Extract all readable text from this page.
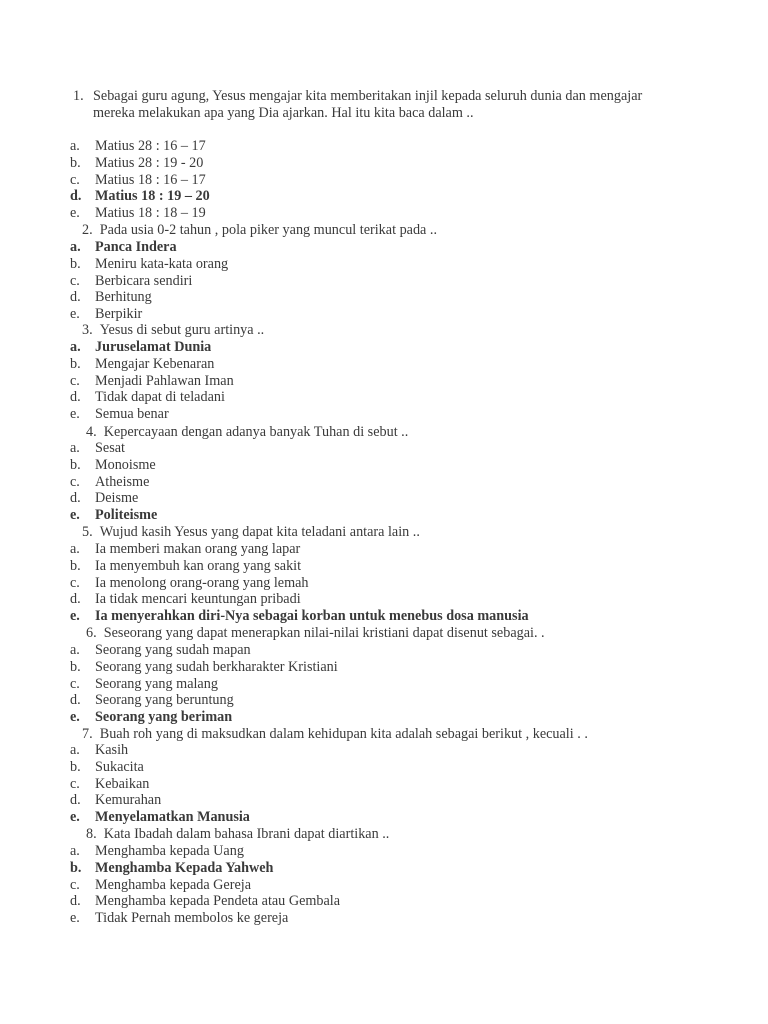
1. Sebagai guru agung, Yesus mengajar kita memberitakan injil kepada seluruh dunia dan mengajar mereka melakukan apa yang Dia ajarkan. Hal itu kita baca dalam ..
a. Matius 28 : 16 – 17
b. Matius 28 : 19 - 20
c. Matius 18 : 16 – 17
d. Matius 18 : 19 – 20
e. Matius 18 : 18 – 19
2. Pada usia 0-2 tahun , pola piker yang muncul terikat pada ..
a. Panca Indera
b. Meniru kata-kata orang
c. Berbicara sendiri
d. Berhitung
e. Berpikir
3. Yesus di sebut guru artinya ..
a. Juruselamat Dunia
b. Mengajar Kebenaran
c. Menjadi Pahlawan Iman
d. Tidak dapat di teladani
e. Semua benar
4. Kepercayaan dengan adanya banyak Tuhan di sebut ..
a. Sesat
b. Monoisme
c. Atheisme
d. Deisme
e. Politeisme
5. Wujud kasih Yesus yang dapat kita teladani antara lain ..
a. Ia memberi makan orang yang lapar
b. Ia menyembuh kan orang yang sakit
c. Ia menolong orang-orang yang lemah
d. Ia tidak mencari keuntungan pribadi
e. Ia menyerahkan diri-Nya sebagai korban untuk menebus dosa manusia
6. Seseorang yang dapat menerapkan nilai-nilai kristiani dapat disenut sebagai. .
a. Seorang yang sudah mapan
b. Seorang yang sudah berkharakter Kristiani
c. Seorang yang malang
d. Seorang yang beruntung
e. Seorang yang beriman
7. Buah roh yang di maksudkan dalam kehidupan kita adalah sebagai berikut , kecuali . .
a. Kasih
b. Sukacita
c. Kebaikan
d. Kemurahan
e. Menyelamatkan Manusia
8. Kata Ibadah dalam bahasa Ibrani dapat diartikan ..
a. Menghamba kepada Uang
b. Menghamba Kepada Yahweh
c. Menghamba kepada Gereja
d. Menghamba kepada Pendeta atau Gembala
e. Tidak Pernah membolos ke gereja
